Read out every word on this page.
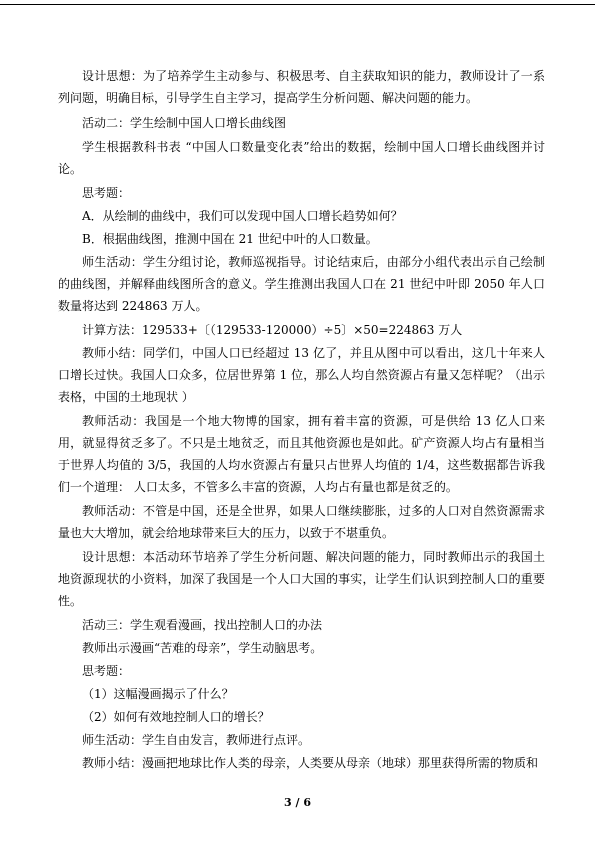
设计思想：为了培养学生主动参与、积极思考、自主获取知识的能力，教师设计了一系列问题，明确目标，引导学生自主学习，提高学生分析问题、解决问题的能力。

活动二：学生绘制中国人口增长曲线图

学生根据教科书表 “中国人口数量变化表”给出的数据，绘制中国人口增长曲线图并讨论。

思考题：

A．从绘制的曲线中，我们可以发现中国人口增长趋势如何？

B．根据曲线图，推测中国在 21 世纪中叶的人口数量。

师生活动：学生分组讨论，教师巡视指导。讨论结束后，由部分小组代表出示自己绘制的曲线图，并解释曲线图所含的意义。学生推测出我国人口在 21 世纪中叶即 2050 年人口数量将达到 224863 万人。

计算方法：129533+〔（129533-120000）÷5〕×50=224863 万人

教师小结：同学们，中国人口已经超过 13 亿了，并且从图中可以看出，这几十年来人口增长过快。我国人口众多，位居世界第 1 位，那么人均自然资源占有量又怎样呢？（出示表格，中国的土地现状 ）

教师活动：我国是一个地大物博的国家，拥有着丰富的资源，可是供给 13 亿人口来用，就显得贫乏多了。不只是土地贫乏，而且其他资源也是如此。矿产资源人均占有量相当于世界人均值的 3/5，我国的人均水资源占有量只占世界人均值的 1/4，这些数据都告诉我们一个道理： 人口太多，不管多么丰富的资源，人均占有量也都是贫乏的。

教师活动：不管是中国，还是全世界，如果人口继续膨胀，过多的人口对自然资源需求量也大大增加，就会给地球带来巨大的压力，以致于不堪重负。

设计思想：本活动环节培养了学生分析问题、解决问题的能力，同时教师出示的我国土地资源现状的小资料，加深了我国是一个人口大国的事实，让学生们认识到控制人口的重要性。

活动三：学生观看漫画，找出控制人口的办法

教师出示漫画“苦难的母亲”，学生动脑思考。

思考题：

（1）这幅漫画揭示了什么？

（2）如何有效地控制人口的增长？

师生活动：学生自由发言，教师进行点评。

教师小结：漫画把地球比作人类的母亲，人类要从母亲（地球）那里获得所需的物质和

3 / 6
